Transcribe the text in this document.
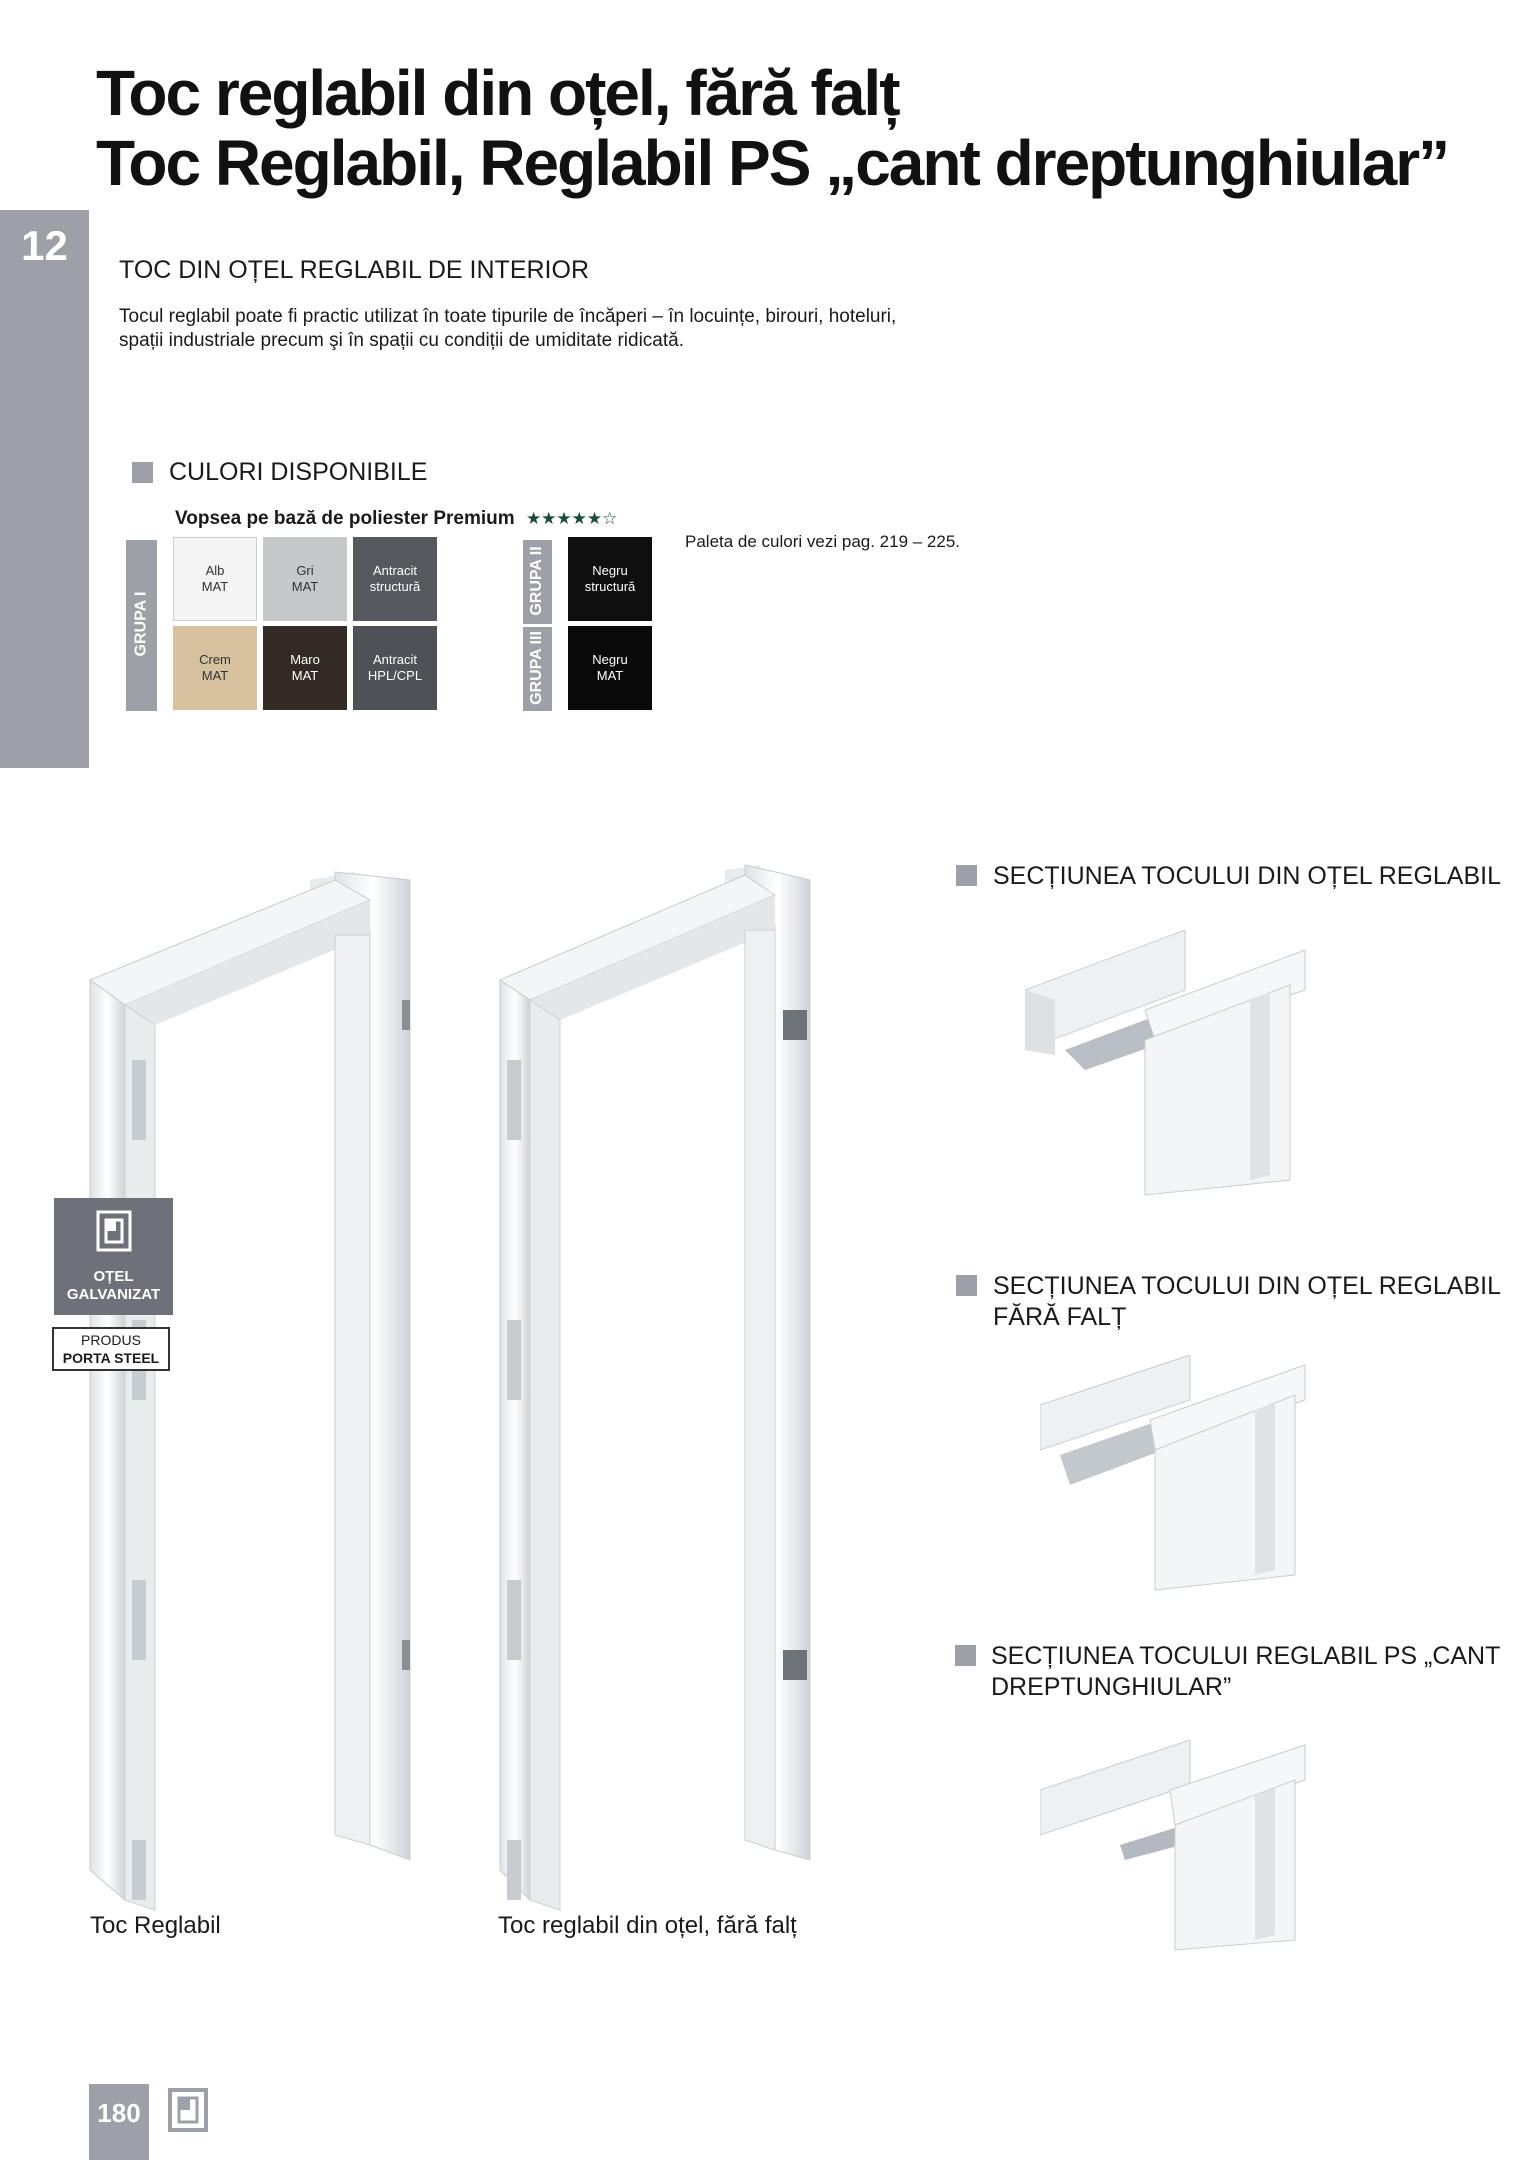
Toc reglabil din oțel, fără falț
Toc Reglabil, Reglabil PS „cant dreptunghiular”
12
TOC DIN OȚEL REGLABIL DE INTERIOR
Tocul reglabil poate fi practic utilizat în toate tipurile de încăperi – în locuințe, birouri, hoteluri,
spații industriale precum şi în spații cu condiții de umiditate ridicată.
CULORI DISPONIBILE
Vopsea pe bază de poliester Premium ★★★★★☆
GRUPA I
GRUPA II
GRUPA III
Alb
MAT
Gri
MAT
Antracit
structură
Crem
MAT
Maro
MAT
Antracit
HPL/CPL
Negru
structură
Negru
MAT
Paleta de culori vezi pag. 219 – 225.
OȚEL
GALVANIZAT
PRODUS
PORTA STEEL
Toc Reglabil	Toc reglabil din oțel, fără falț
SECȚIUNEA TOCULUI DIN OȚEL REGLABIL
SECȚIUNEA TOCULUI DIN OȚEL REGLABIL
FĂRĂ FALȚ
SECȚIUNEA TOCULUI REGLABIL PS „CANT
DREPTUNGHIULAR”
180
